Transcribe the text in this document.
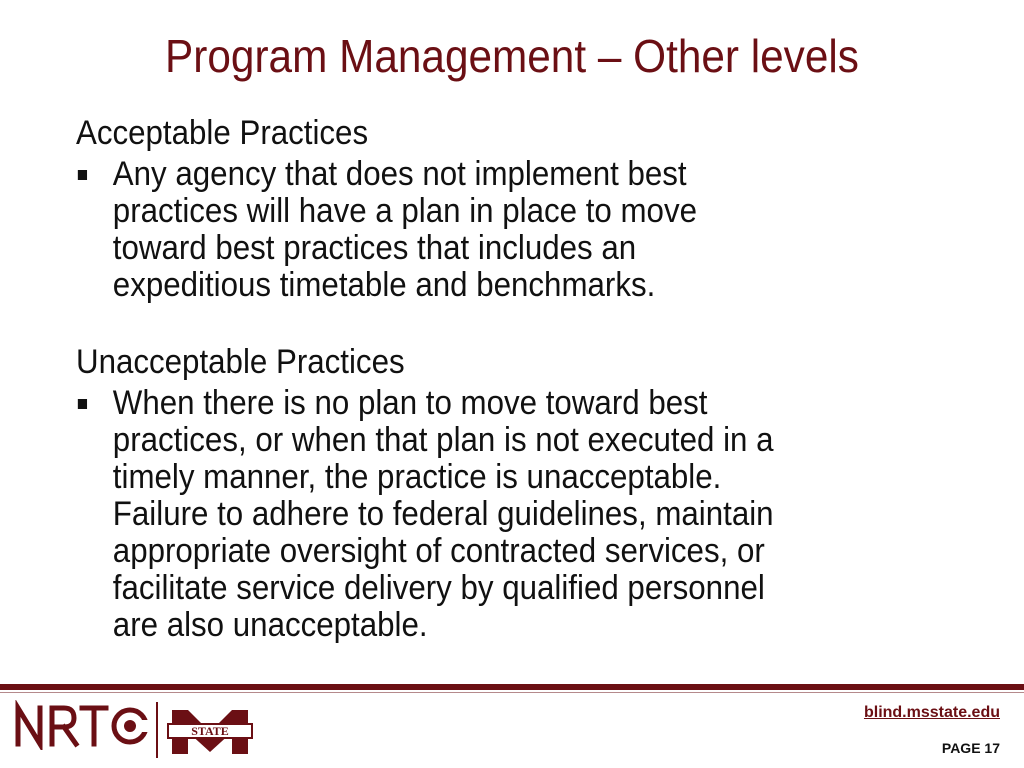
Program Management – Other levels

Acceptable Practices

Any agency that does not implement best
practices will have a plan in place to move
toward best practices that includes an
expeditious timetable and benchmarks.

Unacceptable Practices

When there is no plan to move toward best
practices, or when that plan is not executed in a
timely manner, the practice is unacceptable.
Failure to adhere to federal guidelines, maintain
appropriate oversight of contracted services, or
facilitate service delivery by qualified personnel
are also unacceptable.
STATE
blind.msstate.edu
PAGE 17
